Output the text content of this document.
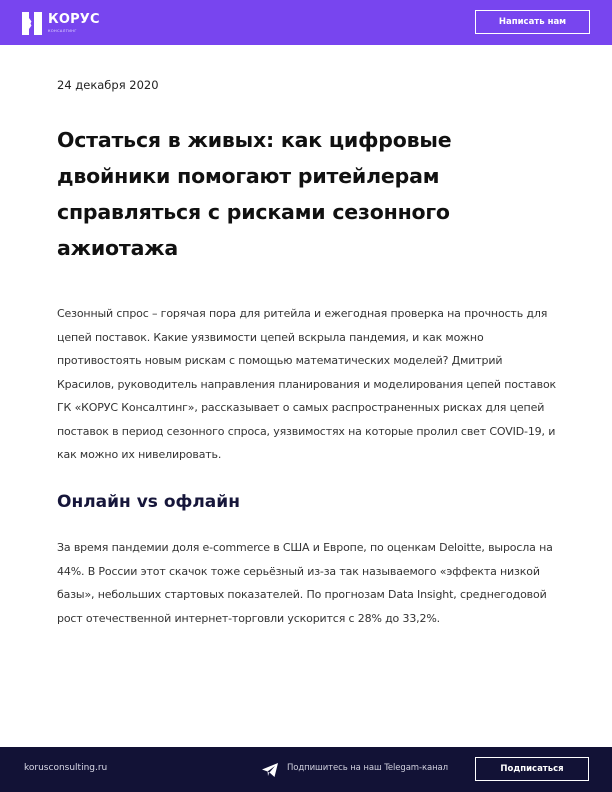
КОРУС
КОНСАЛТИНГ
Написать нам
24 декабря 2020
Остаться в живых: как цифровые двойники помогают ритейлерам справляться с рисками сезонного ажиотажа

Сезонный спрос – горячая пора для ритейла и ежегодная проверка на прочность для цепей поставок. Какие уязвимости цепей вскрыла пандемия, и как можно противостоять новым рискам с помощью математических моделей? Дмитрий Красилов, руководитель направления планирования и моделирования цепей поставок ГК «КОРУС Консалтинг», рассказывает о самых распространенных рисках для цепей поставок в период сезонного спроса, уязвимостях на которые пролил свет COVID-19, и как можно их нивелировать.

Онлайн vs офлайн

За время пандемии доля e-commerce в США и Европе, по оценкам Deloitte, выросла на 44%. В России этот скачок тоже серьёзный из-за так называемого «эффекта низкой базы», небольших стартовых показателей. По прогнозам Data Insight, среднегодовой рост отечественной интернет-торговли ускорится с 28% до 33,2%.

korusconsulting.ru	Подпишитесь на наш Telegam-канал	Подписаться
